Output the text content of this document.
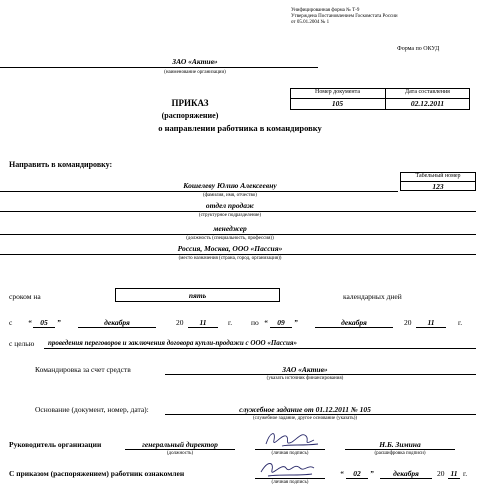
Унифицированная форма № Т-9
Утверждена Постановлением Госкомстата России
от 05.01.2004 № 1
Форма по ОКУД
ЗАО «Актив»
(наименование организации)
Номер документа	Дата составления
105	02.12.2011
ПРИКАЗ
(распоряжение)
о направлении работника в командировку
Направить в командировку:
Табельный номер
123
Кошелеву Юлию Алексеевну
(фамилия, имя, отчество)
отдел продаж
(структурное подразделение)
менеджер
(должность (специальность, профессия))
Россия, Москва, ООО «Пассия»
(место назначения (страна, город, организация))
сроком на	пять	календарных дней
с “	05	”	декабря	20	11	г.	по “	09	”	декабря	20	11	г.
с целью проведения переговоров и заключения договора купли-продажи с ООО «Пассия»
Командировка за счет средств	ЗАО «Актив»
(указать источник финансирования)
Основание (документ, номер, дата):	служебное задание от 01.12.2011 № 105
(служебное задание, другое основание (указать))
Руководитель организации	генеральный директор
(должность)	(личная подпись)
Н.Б. Зимина
(расшифровка подписи)
С приказом (распоряжением) работник ознакомлен
(личная подпись)
“	02	”	декабря	20 11 г.
